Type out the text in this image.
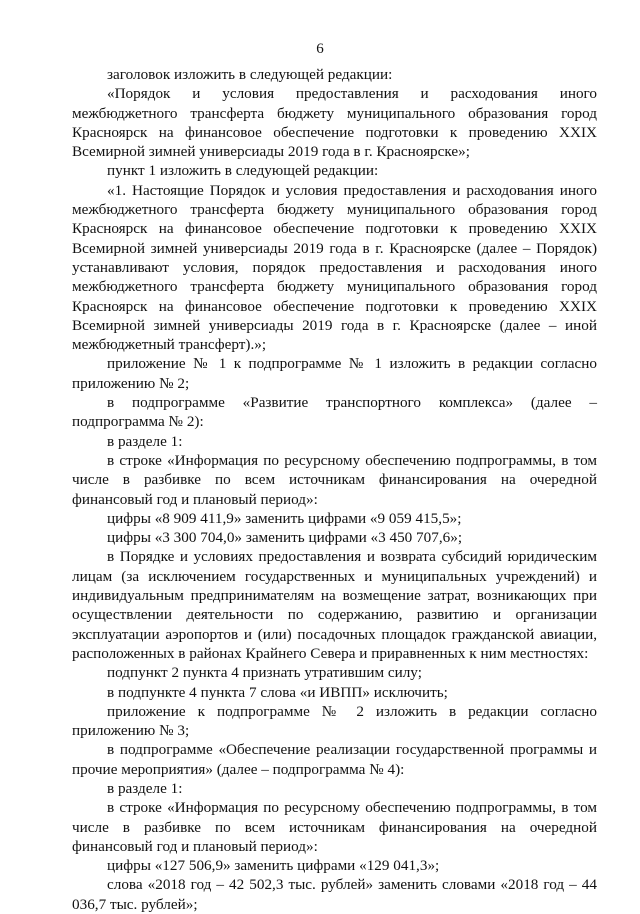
6

заголовок изложить в следующей редакции:

«Порядок и условия предоставления и расходования иного межбюджетного трансферта бюджету муниципального образования город Красноярск на финансовое обеспечение подготовки к проведению XXIX Всемирной зимней универсиады 2019 года в г. Красноярске»;

пункт 1 изложить в следующей редакции:

«1. Настоящие Порядок и условия предоставления и расходования иного межбюджетного трансферта бюджету муниципального образования город Красноярск на финансовое обеспечение подготовки к проведению XXIX Всемирной зимней универсиады 2019 года в г. Красноярске (далее – Порядок) устанавливают условия, порядок предоставления и расходования иного межбюджетного трансферта бюджету муниципального образования город Красноярск на финансовое обеспечение подготовки к проведению XXIX Всемирной зимней универсиады 2019 года в г. Красноярске (далее – иной межбюджетный трансферт).»;

приложение № 1 к подпрограмме № 1 изложить в редакции согласно приложению № 2;

в подпрограмме «Развитие транспортного комплекса» (далее – подпрограмма № 2):

в разделе 1:

в строке «Информация по ресурсному обеспечению подпрограммы, в том числе в разбивке по всем источникам финансирования на очередной финансовый год и плановый период»:

цифры «8 909 411,9» заменить цифрами «9 059 415,5»;

цифры «3 300 704,0» заменить цифрами «3 450 707,6»;

в Порядке и условиях предоставления и возврата субсидий юридическим лицам (за исключением государственных и муниципальных учреждений) и индивидуальным предпринимателям на возмещение затрат, возникающих при осуществлении деятельности по содержанию, развитию и организации эксплуатации аэропортов и (или) посадочных площадок гражданской авиации, расположенных в районах Крайнего Севера и приравненных к ним местностях:

подпункт 2 пункта 4 признать утратившим силу;

в подпункте 4 пункта 7 слова «и ИВПП» исключить;

приложение к подпрограмме № 2 изложить в редакции согласно приложению № 3;

в подпрограмме «Обеспечение реализации государственной программы и прочие мероприятия» (далее – подпрограмма № 4):

в разделе 1:

в строке «Информация по ресурсному обеспечению подпрограммы, в том числе в разбивке по всем источникам финансирования на очередной финансовый год и плановый период»:

цифры «127 506,9» заменить цифрами «129 041,3»;

слова «2018 год – 42 502,3 тыс. рублей» заменить словами «2018 год – 44 036,7 тыс. рублей»;
